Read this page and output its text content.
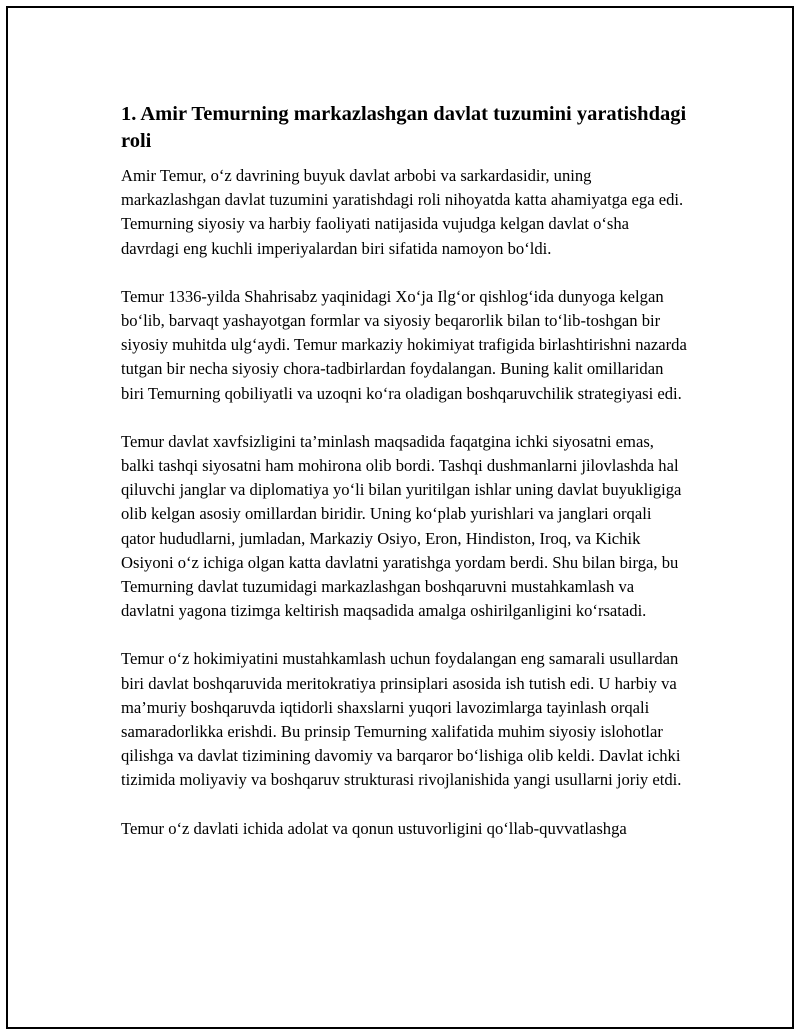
1. Amir Temurning markazlashgan davlat tuzumini yaratishdagi roli

Amir Temur, o‘z davrining buyuk davlat arbobi va sarkardasidir, uning markazlashgan davlat tuzumini yaratishdagi roli nihoyatda katta ahamiyatga ega edi. Temurning siyosiy va harbiy faoliyati natijasida vujudga kelgan davlat o‘sha davrdagi eng kuchli imperiyalardan biri sifatida namoyon bo‘ldi.

Temur 1336-yilda Shahrisabz yaqinidagi Xo‘ja Ilg‘or qishlog‘ida dunyoga kelgan bo‘lib, barvaqt yashayotgan formlar va siyosiy beqarorlik bilan to‘lib-toshgan bir siyosiy muhitda ulg‘aydi. Temur markaziy hokimiyat trafigida birlashtirishni nazarda tutgan bir necha siyosiy chora-tadbirlardan foydalangan. Buning kalit omillaridan biri Temurning qobiliyatli va uzoqni ko‘ra oladigan boshqaruvchilik strategiyasi edi.

Temur davlat xavfsizligini ta’minlash maqsadida faqatgina ichki siyosatni emas, balki tashqi siyosatni ham mohirona olib bordi. Tashqi dushmanlarni jilovlashda hal qiluvchi janglar va diplomatiya yo‘li bilan yuritilgan ishlar uning davlat buyukligiga olib kelgan asosiy omillardan biridir. Uning ko‘plab yurishlari va janglari orqali qator hududlarni, jumladan, Markaziy Osiyo, Eron, Hindiston, Iroq, va Kichik Osiyoni o‘z ichiga olgan katta davlatni yaratishga yordam berdi. Shu bilan birga, bu Temurning davlat tuzumidagi markazlashgan boshqaruvni mustahkamlash va davlatni yagona tizimga keltirish maqsadida amalga oshirilganligini ko‘rsatadi.

Temur o‘z hokimiyatini mustahkamlash uchun foydalangan eng samarali usullardan biri davlat boshqaruvida meritokratiya prinsiplari asosida ish tutish edi. U harbiy va ma’muriy boshqaruvda iqtidorli shaxslarni yuqori lavozimlarga tayinlash orqali samaradorlikka erishdi. Bu prinsip Temurning xalifatida muhim siyosiy islohotlar qilishga va davlat tizimining davomiy va barqaror bo‘lishiga olib keldi. Davlat ichki tizimida moliyaviy va boshqaruv strukturasi rivojlanishida yangi usullarni joriy etdi.

Temur o‘z davlati ichida adolat va qonun ustuvorligini qo‘llab-quvvatlashga
